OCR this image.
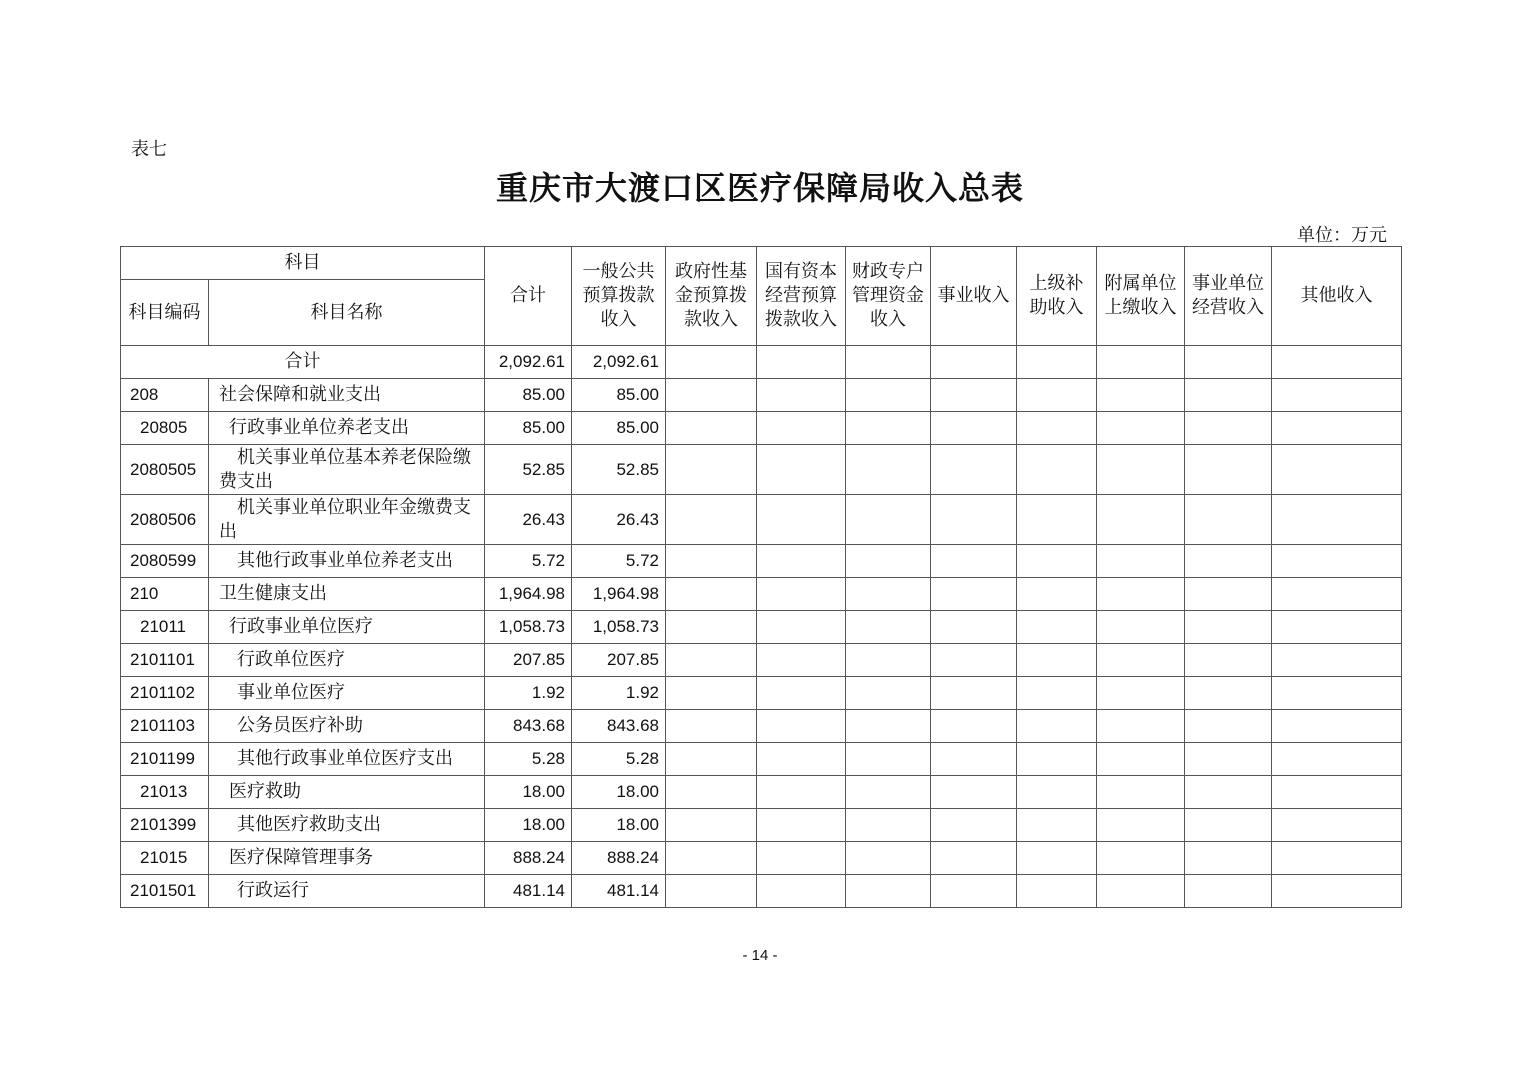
表七
重庆市大渡口区医疗保障局收入总表
单位：万元
科目		合计	一般公共预算拨款收入	政府性基金预算拨款收入	国有资本经营预算拨款收入	财政专户管理资金收入	事业收入	上级补助收入	附属单位上缴收入	事业单位经营收入	其他收入
科目编码	科目名称										
合计		2,092.61	2,092.61								
208	社会保障和就业支出	85.00	85.00								
20805	行政事业单位养老支出	85.00	85.00								
2080505	机关事业单位基本养老保险缴费支出	52.85	52.85								
2080506	机关事业单位职业年金缴费支出	26.43	26.43								
2080599	其他行政事业单位养老支出	5.72	5.72								
210	卫生健康支出	1,964.98	1,964.98								
21011	行政事业单位医疗	1,058.73	1,058.73								
2101101	行政单位医疗	207.85	207.85								
2101102	事业单位医疗	1.92	1.92								
2101103	公务员医疗补助	843.68	843.68								
2101199	其他行政事业单位医疗支出	5.28	5.28								
21013	医疗救助	18.00	18.00								
2101399	其他医疗救助支出	18.00	18.00								
21015	医疗保障管理事务	888.24	888.24								
2101501	行政运行	481.14	481.14								
- 14 -
